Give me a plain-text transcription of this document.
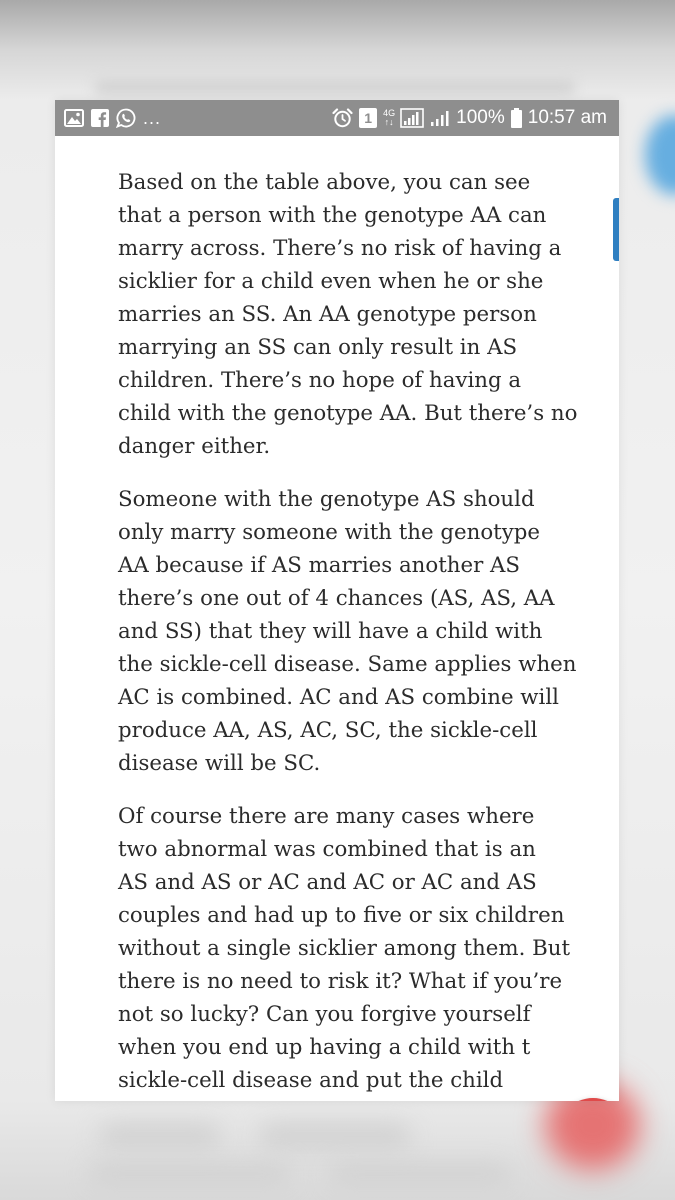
...	1	4G
↑↓	100% 10:57 am

Based on the table above, you can see
that a person with the genotype AA can
marry across. There’s no risk of having a
sicklier for a child even when he or she
marries an SS. An AA genotype person
marrying an SS can only result in AS
children. There’s no hope of having a
child with the genotype AA. But there’s no
danger either.

Someone with the genotype AS should
only marry someone with the genotype
AA because if AS marries another AS
there’s one out of 4 chances (AS, AS, AA
and SS) that they will have a child with
the sickle-cell disease. Same applies when
AC is combined. AC and AS combine will
produce AA, AS, AC, SC, the sickle-cell
disease will be SC.

Of course there are many cases where
two abnormal was combined that is an
AS and AS or AC and AC or AC and AS
couples and had up to five or six children
without a single sicklier among them. But
there is no need to risk it? What if you’re
not so lucky? Can you forgive yourself
when you end up having a child with t
sickle-cell disease and put the child
